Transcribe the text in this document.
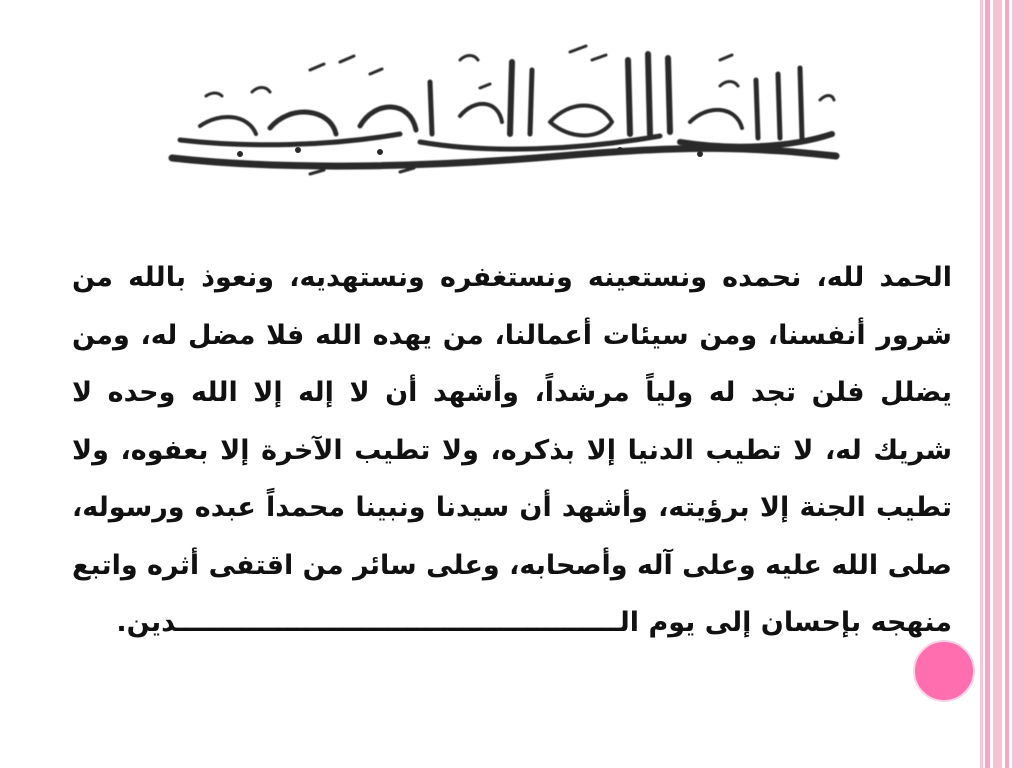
الحمد لله، نحمده ونستعينه ونستغفره ونستهديه، ونعوذ بالله من شرور أنفسنا، ومن سيئات أعمالنا، من يهده الله فلا مضل له، ومن يضلل فلن تجد له ولياً مرشداً، وأشهد أن لا إله إلا الله وحده لا شريك له، لا تطيب الدنيا إلا بذكره، ولا تطيب الآخرة إلا بعفوه، ولا تطيب الجنة إلا برؤيته، وأشهد أن سيدنا ونبينا محمداً عبده ورسوله، صلى الله عليه وعلى آله وأصحابه، وعلى سائر من اقتفى أثره واتبع منهجه بإحسان إلى يوم الــــــــــــــــــــــــــــــــــــــــــــــــدين.
